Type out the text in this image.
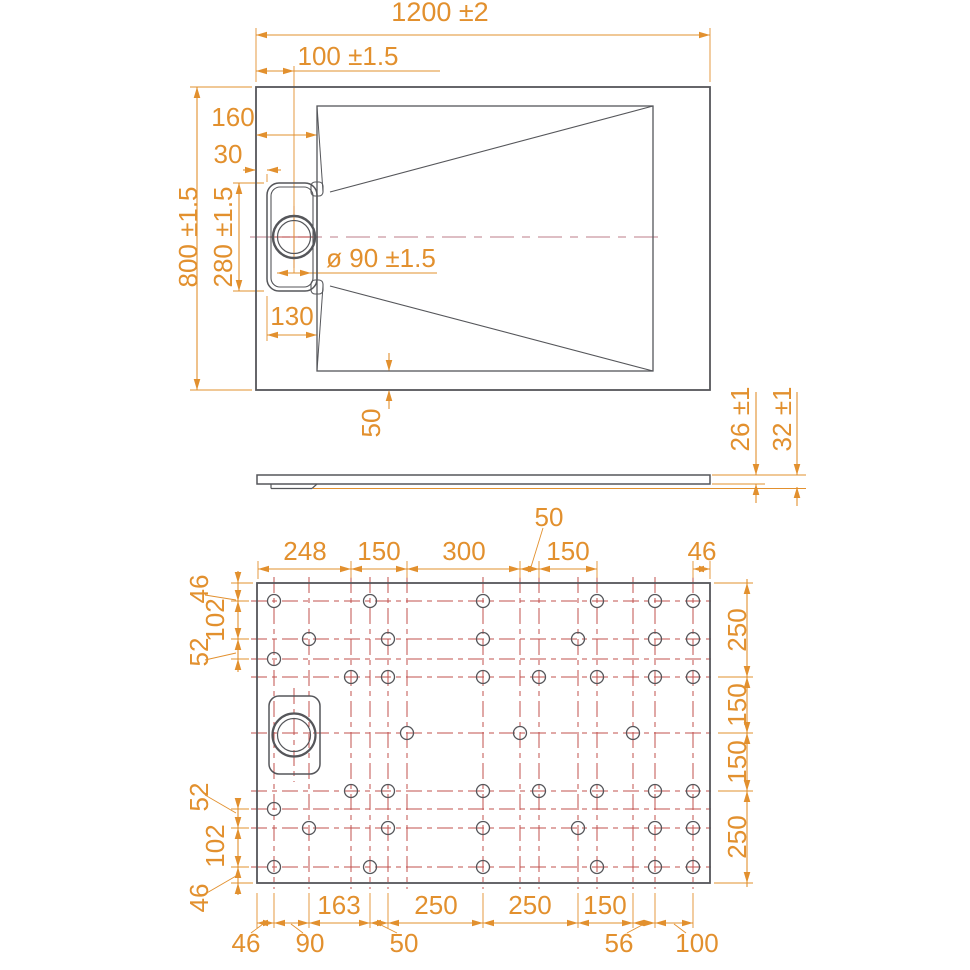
1200 ±2
100 ±1.5
160
30
800 ±1.5 280 ±1.5
130
ø 90 ±1.5
50	26 ±1 32 ±1
50
248 150 300 150	46
46
102
52
52
102
46
250
150
150
250
163 250 250 150
46 90	50	56 100
